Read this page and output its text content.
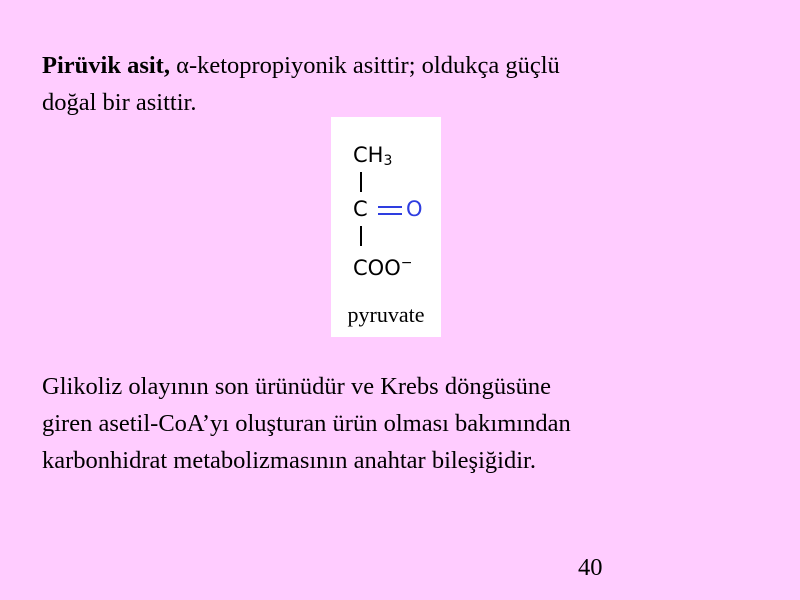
Pirüvik asit, α-ketopropiyonik asittir; oldukça güçlü
doğal bir asittir.

$CH_3$
C O
COO−
pyruvate

Glikoliz olayının son ürünüdür ve Krebs döngüsüne
giren asetil-CoA’yı oluşturan ürün olması bakımından
karbonhidrat metabolizmasının anahtar bileşiğidir.

40
